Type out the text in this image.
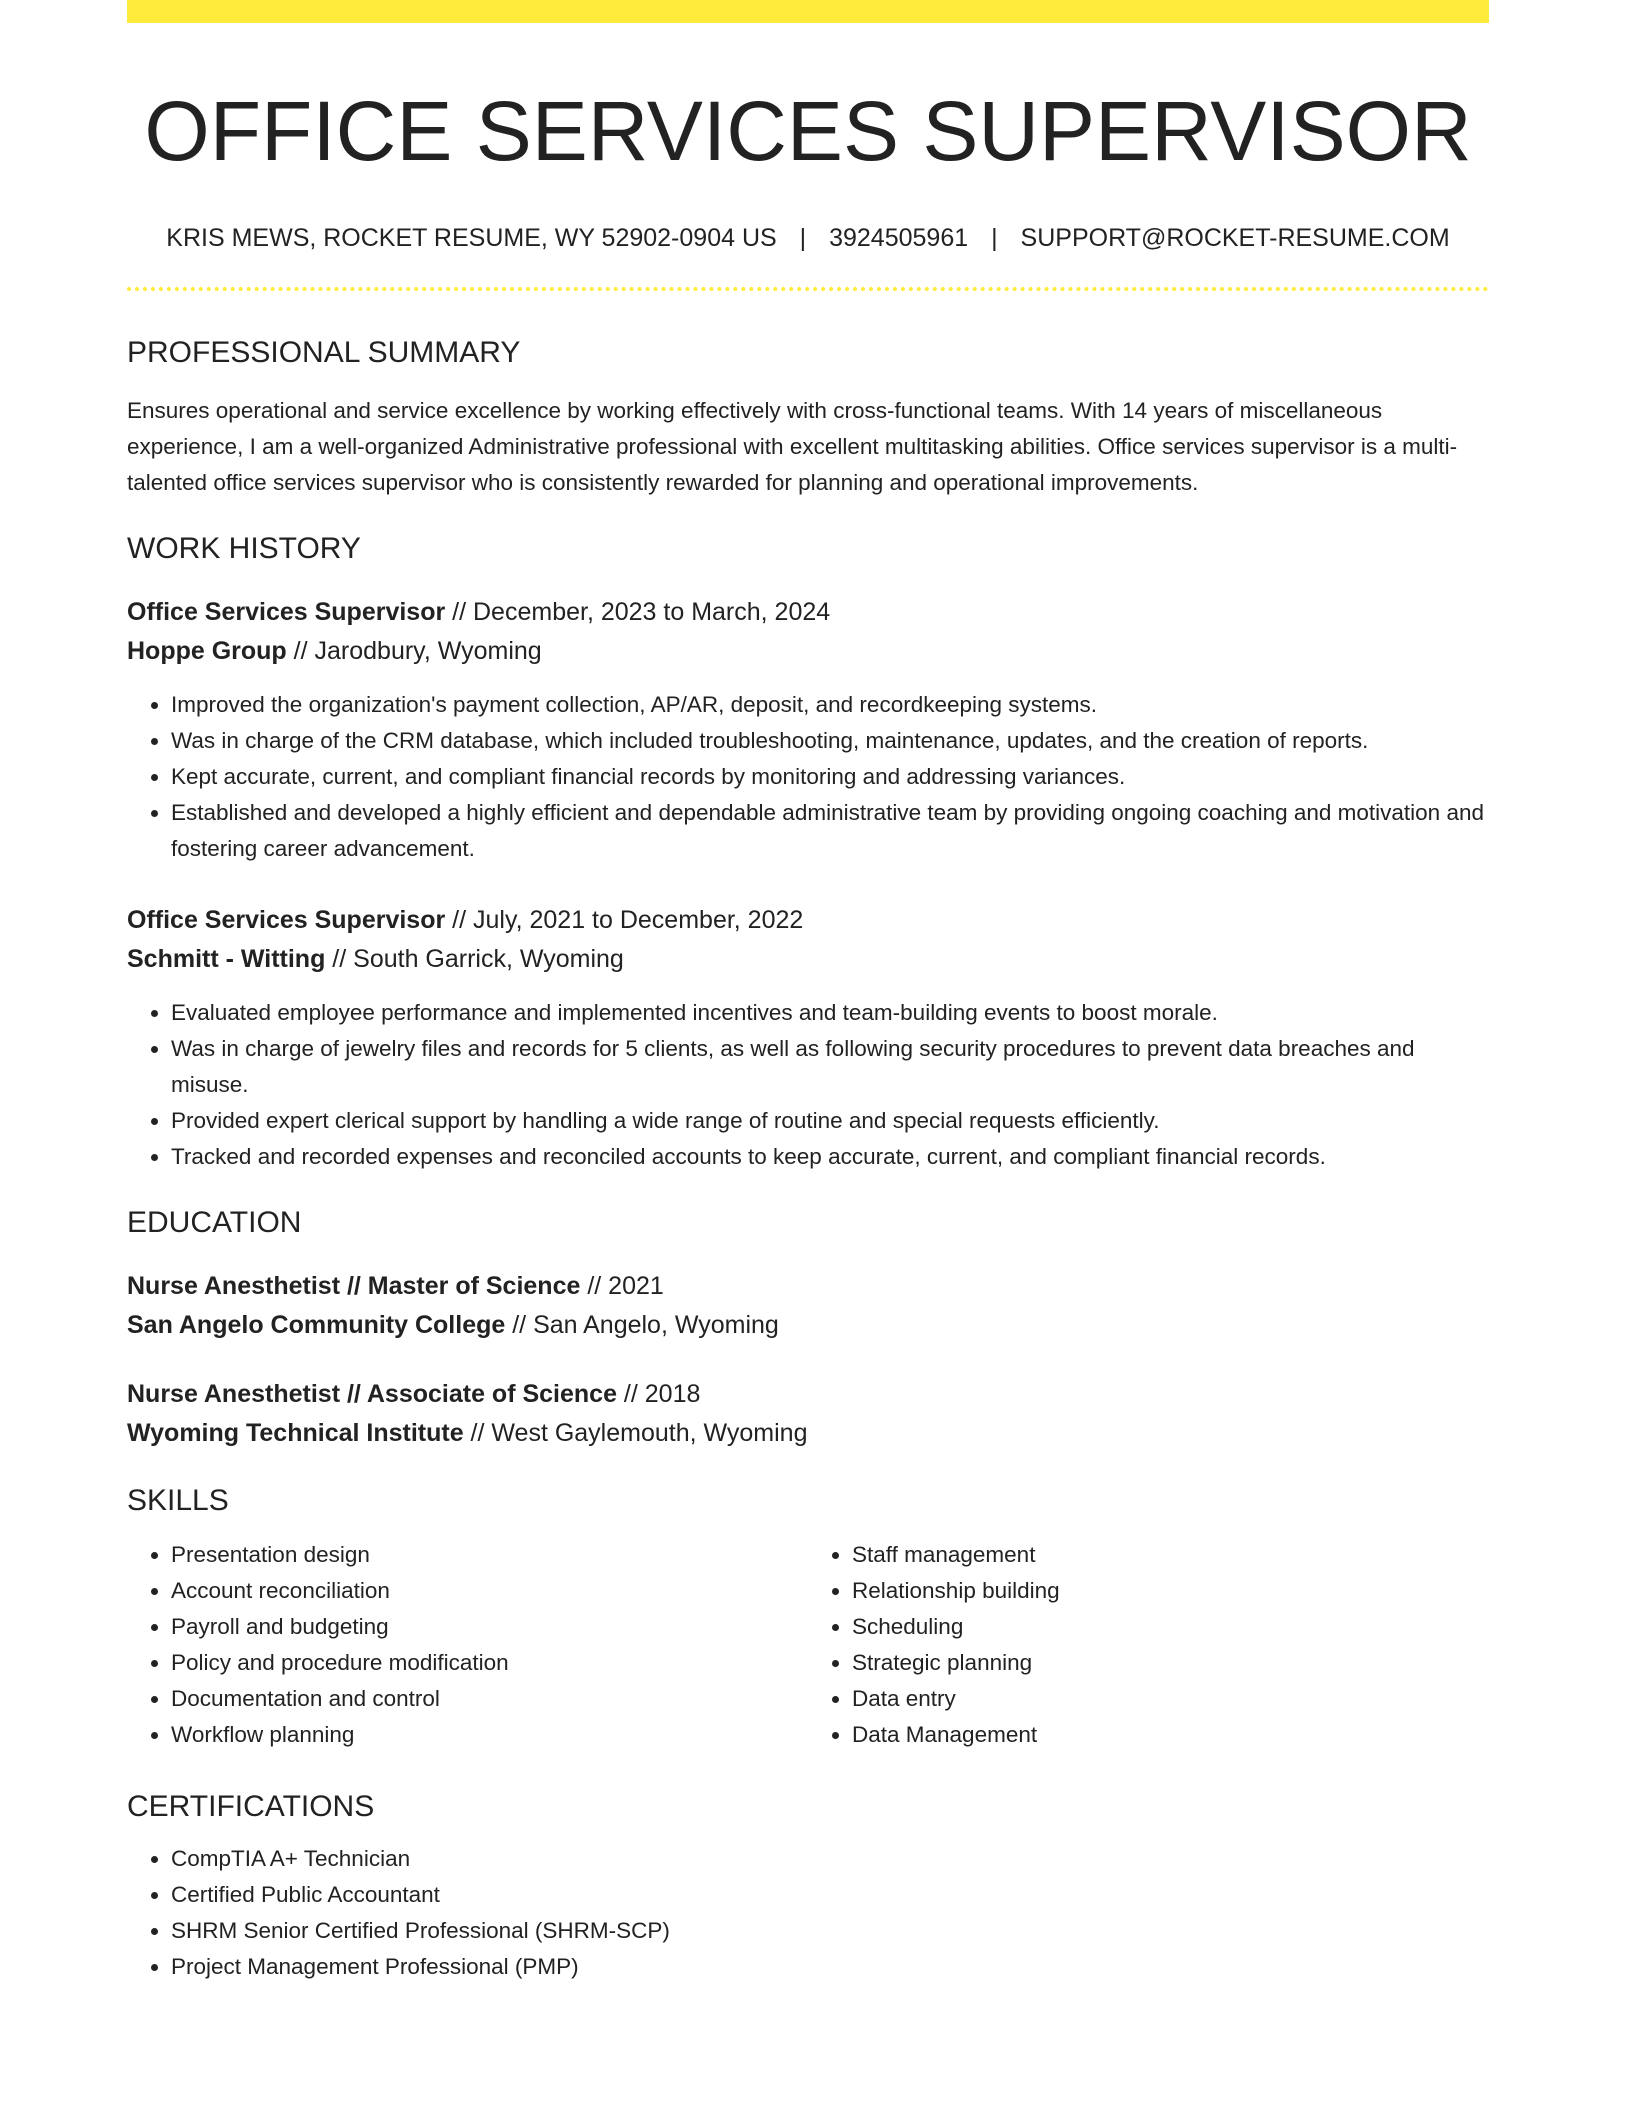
OFFICE SERVICES SUPERVISOR
KRIS MEWS, ROCKET RESUME, WY 52902-0904 US | 3924505961 | SUPPORT@ROCKET-RESUME.COM
PROFESSIONAL SUMMARY
Ensures operational and service excellence by working effectively with cross-functional teams. With 14 years of miscellaneous experience, I am a well-organized Administrative professional with excellent multitasking abilities. Office services supervisor is a multi-talented office services supervisor who is consistently rewarded for planning and operational improvements.
WORK HISTORY
Office Services Supervisor // December, 2023 to March, 2024
Hoppe Group // Jarodbury, Wyoming
• Improved the organization's payment collection, AP/AR, deposit, and recordkeeping systems.
• Was in charge of the CRM database, which included troubleshooting, maintenance, updates, and the creation of reports.
• Kept accurate, current, and compliant financial records by monitoring and addressing variances.
• Established and developed a highly efficient and dependable administrative team by providing ongoing coaching and motivation and fostering career advancement.
Office Services Supervisor // July, 2021 to December, 2022
Schmitt - Witting // South Garrick, Wyoming
• Evaluated employee performance and implemented incentives and team-building events to boost morale.
• Was in charge of jewelry files and records for 5 clients, as well as following security procedures to prevent data breaches and misuse.
• Provided expert clerical support by handling a wide range of routine and special requests efficiently.
• Tracked and recorded expenses and reconciled accounts to keep accurate, current, and compliant financial records.
EDUCATION
Nurse Anesthetist // Master of Science // 2021
San Angelo Community College // San Angelo, Wyoming
Nurse Anesthetist // Associate of Science // 2018
Wyoming Technical Institute // West Gaylemouth, Wyoming
SKILLS
• Presentation design
• Account reconciliation
• Payroll and budgeting
• Policy and procedure modification
• Documentation and control
• Workflow planning
• Staff management
• Relationship building
• Scheduling
• Strategic planning
• Data entry
• Data Management
CERTIFICATIONS
• CompTIA A+ Technician
• Certified Public Accountant
• SHRM Senior Certified Professional (SHRM-SCP)
• Project Management Professional (PMP)
